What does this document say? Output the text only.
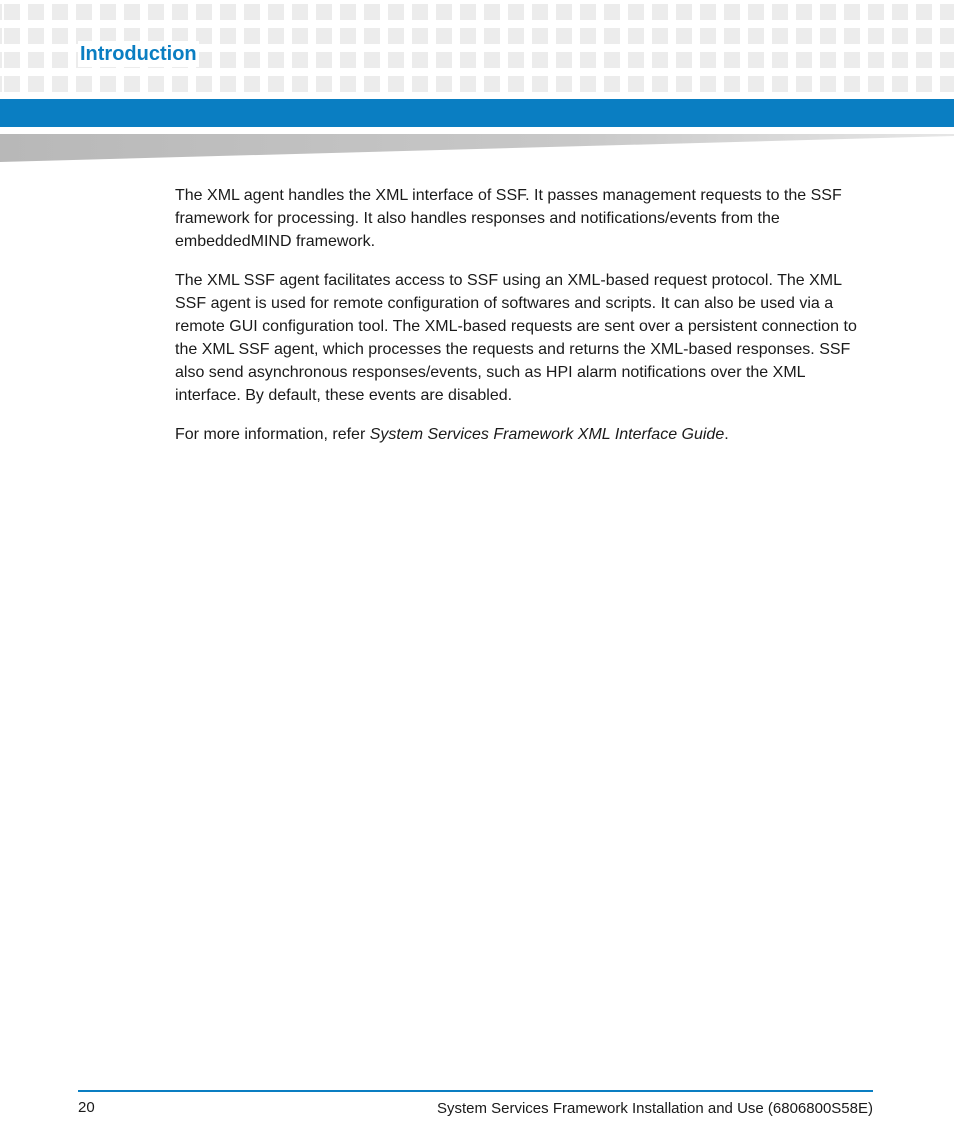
Introduction

The XML agent handles the XML interface of SSF. It passes management requests to the SSF framework for processing. It also handles responses and notifications/events from the embeddedMIND framework.

The XML SSF agent facilitates access to SSF using an XML-based request protocol. The XML SSF agent is used for remote configuration of softwares and scripts. It can also be used via a remote GUI configuration tool. The XML-based requests are sent over a persistent connection to the XML SSF agent, which processes the requests and returns the XML-based responses. SSF also send asynchronous responses/events, such as HPI alarm notifications over the XML interface. By default, these events are disabled.

For more information, refer System Services Framework XML Interface Guide.

20	System Services Framework Installation and Use (6806800S58E)
